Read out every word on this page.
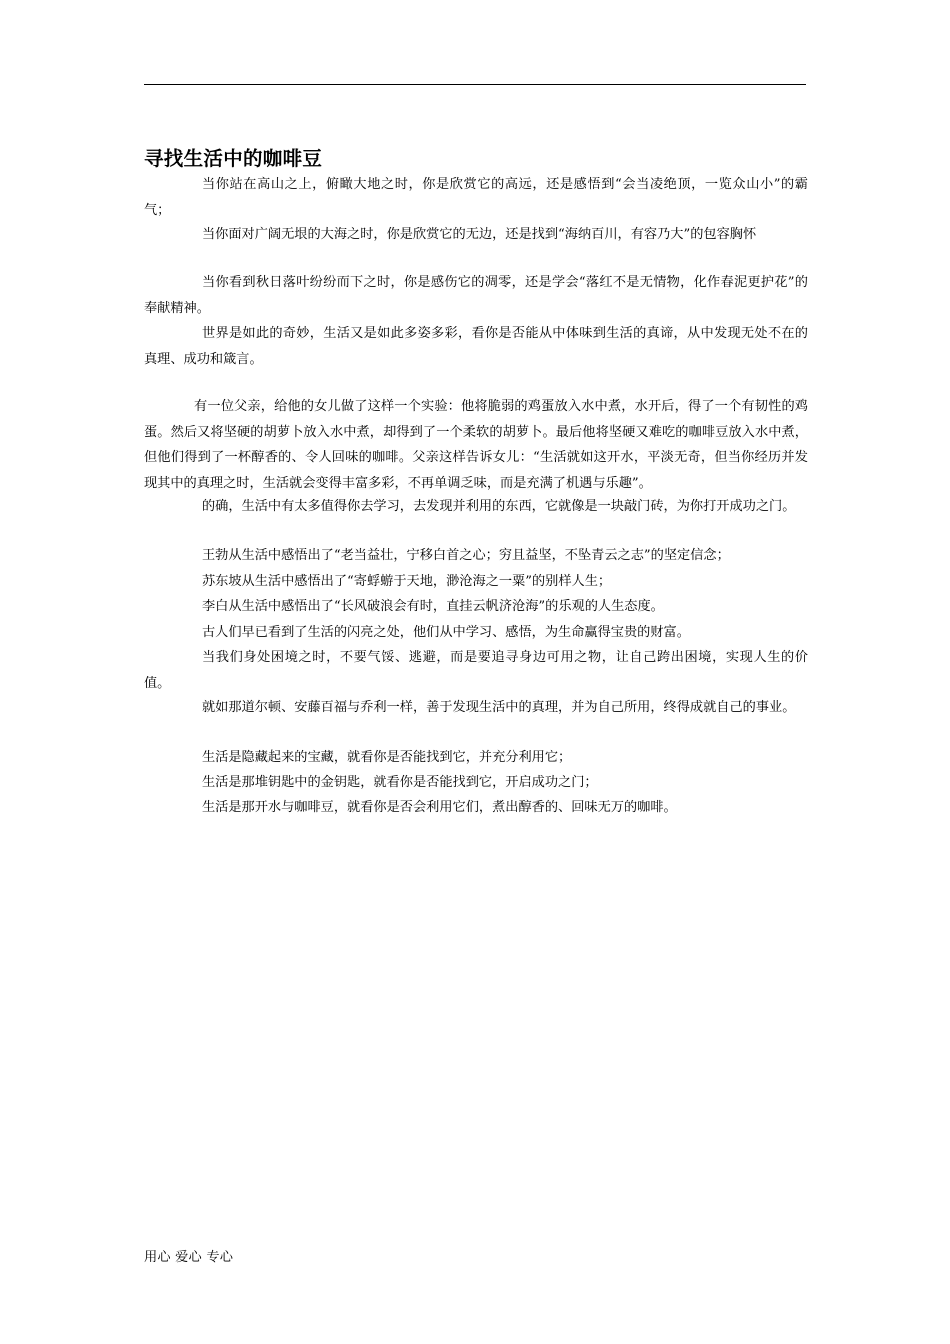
寻找生活中的咖啡豆

当你站在高山之上，俯瞰大地之时，你是欣赏它的高远，还是感悟到“会当凌绝顶，一览众山小”的霸气；

当你面对广阔无垠的大海之时，你是欣赏它的无边，还是找到“海纳百川，有容乃大”的包容胸怀

当你看到秋日落叶纷纷而下之时，你是感伤它的凋零，还是学会“落红不是无情物，化作春泥更护花”的奉献精神。

世界是如此的奇妙，生活又是如此多姿多彩，看你是否能从中体味到生活的真谛，从中发现无处不在的真理、成功和箴言。

有一位父亲，给他的女儿做了这样一个实验：他将脆弱的鸡蛋放入水中煮，水开后，得了一个有韧性的鸡蛋。然后又将坚硬的胡萝卜放入水中煮，却得到了一个柔软的胡萝卜。最后他将坚硬又难吃的咖啡豆放入水中煮，但他们得到了一杯醇香的、令人回味的咖啡。父亲这样告诉女儿：“生活就如这开水，平淡无奇，但当你经历并发现其中的真理之时，生活就会变得丰富多彩，不再单调乏味，而是充满了机遇与乐趣”。

的确，生活中有太多值得你去学习，去发现并利用的东西，它就像是一块敲门砖，为你打开成功之门。

王勃从生活中感悟出了“老当益壮，宁移白首之心；穷且益坚，不坠青云之志”的坚定信念；

苏东坡从生活中感悟出了“寄蜉蝣于天地，渺沧海之一粟”的别样人生；

李白从生活中感悟出了“长风破浪会有时，直挂云帆济沧海”的乐观的人生态度。

古人们早已看到了生活的闪亮之处，他们从中学习、感悟，为生命赢得宝贵的财富。

当我们身处困境之时，不要气馁、逃避，而是要追寻身边可用之物，让自己跨出困境，实现人生的价值。

就如那道尔顿、安藤百福与乔利一样，善于发现生活中的真理，并为自己所用，终得成就自己的事业。

生活是隐藏起来的宝藏，就看你是否能找到它，并充分利用它；

生活是那堆钥匙中的金钥匙，就看你是否能找到它，开启成功之门；

生活是那开水与咖啡豆，就看你是否会利用它们，煮出醇香的、回味无万的咖啡。

用心 爱心 专心
